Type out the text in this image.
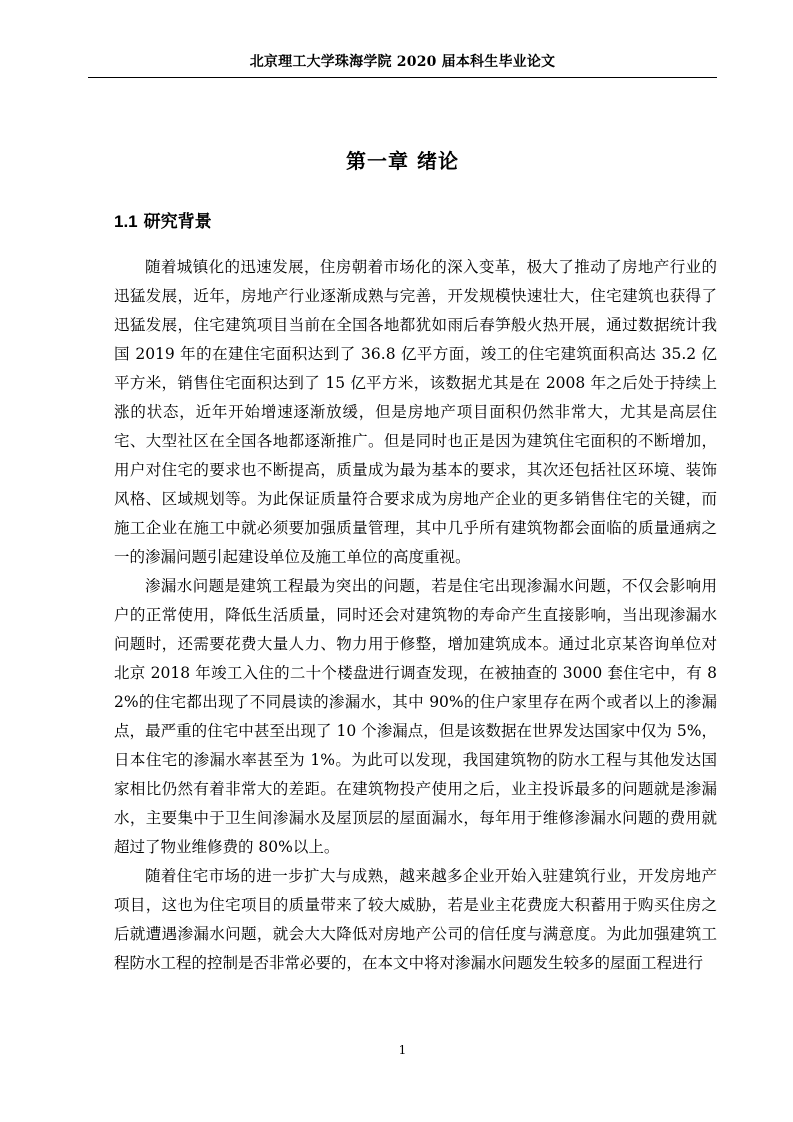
北京理工大学珠海学院 2020 届本科生毕业论文
第一章 绪论
1.1 研究背景

随着城镇化的迅速发展，住房朝着市场化的深入变革，极大了推动了房地产行业的迅猛发展，近年，房地产行业逐渐成熟与完善，开发规模快速壮大，住宅建筑也获得了迅猛发展，住宅建筑项目当前在全国各地都犹如雨后春笋般火热开展，通过数据统计我国 2019 年的在建住宅面积达到了 36.8 亿平方面，竣工的住宅建筑面积高达 35.2 亿平方米，销售住宅面积达到了 15 亿平方米，该数据尤其是在 2008 年之后处于持续上涨的状态，近年开始增速逐渐放缓，但是房地产项目面积仍然非常大，尤其是高层住宅、大型社区在全国各地都逐渐推广。但是同时也正是因为建筑住宅面积的不断增加，用户对住宅的要求也不断提高，质量成为最为基本的要求，其次还包括社区环境、装饰风格、区域规划等。为此保证质量符合要求成为房地产企业的更多销售住宅的关键，而施工企业在施工中就必须要加强质量管理，其中几乎所有建筑物都会面临的质量通病之一的渗漏问题引起建设单位及施工单位的高度重视。

渗漏水问题是建筑工程最为突出的问题，若是住宅出现渗漏水问题，不仅会影响用户的正常使用，降低生活质量，同时还会对建筑物的寿命产生直接影响，当出现渗漏水问题时，还需要花费大量人力、物力用于修整，增加建筑成本。通过北京某咨询单位对北京 2018 年竣工入住的二十个楼盘进行调查发现，在被抽查的 3000 套住宅中，有 82%的住宅都出现了不同晨读的渗漏水，其中 90%的住户家里存在两个或者以上的渗漏点，最严重的住宅中甚至出现了 10 个渗漏点，但是该数据在世界发达国家中仅为 5%，日本住宅的渗漏水率甚至为 1%。为此可以发现，我国建筑物的防水工程与其他发达国家相比仍然有着非常大的差距。在建筑物投产使用之后，业主投诉最多的问题就是渗漏水，主要集中于卫生间渗漏水及屋顶层的屋面漏水，每年用于维修渗漏水问题的费用就超过了物业维修费的 80%以上。

随着住宅市场的进一步扩大与成熟，越来越多企业开始入驻建筑行业，开发房地产项目，这也为住宅项目的质量带来了较大威胁，若是业主花费庞大积蓄用于购买住房之后就遭遇渗漏水问题，就会大大降低对房地产公司的信任度与满意度。为此加强建筑工程防水工程的控制是否非常必要的，在本文中将对渗漏水问题发生较多的屋面工程进行

1
